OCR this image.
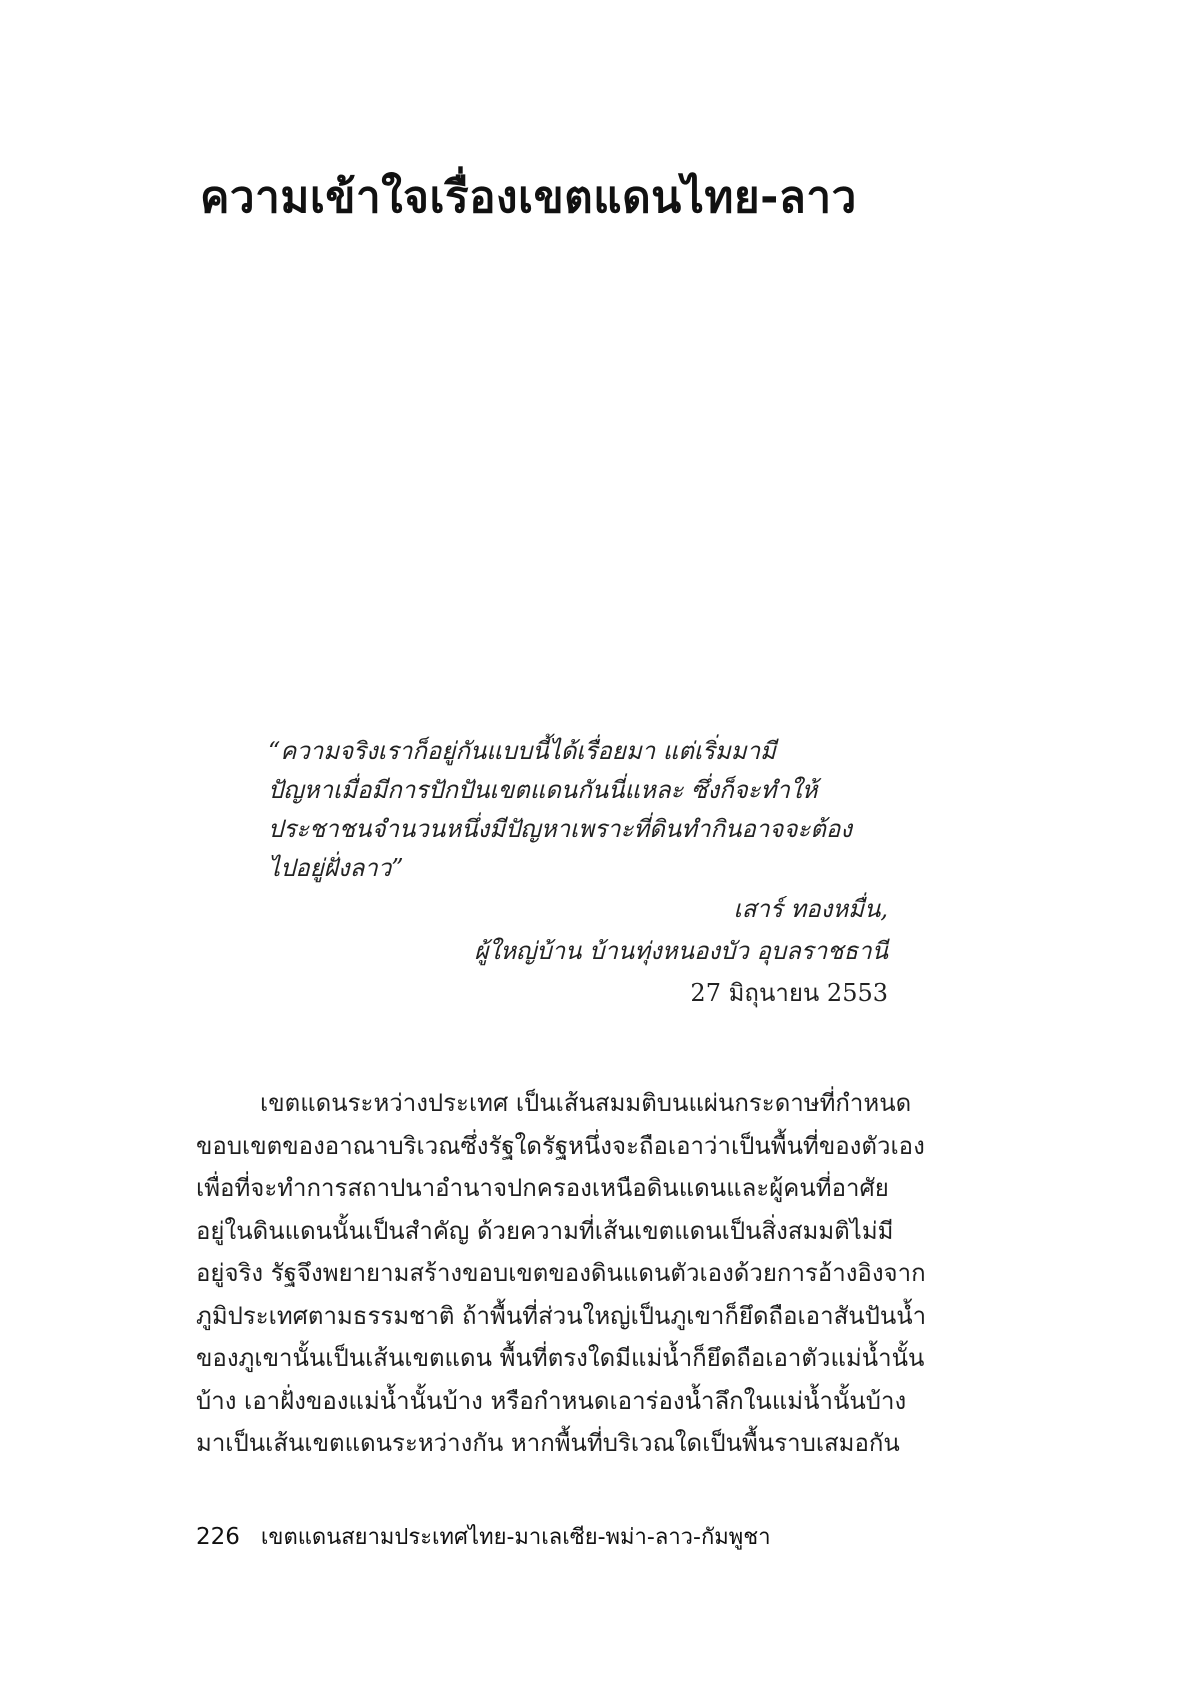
ความเข้าใจเรื่องเขตแดนไทย-ลาว
“ความจริงเราก็อยู่กันแบบนี้ได้เรื่อยมา แต่เริ่มมามี
ปัญหาเมื่อมีการปักปันเขตแดนกันนี่แหละ ซึ่งก็จะทำให้
ประชาชนจำนวนหนึ่งมีปัญหาเพราะที่ดินทำกินอาจจะต้อง
ไปอยู่ฝั่งลาว”
เสาร์ ทองหมื่น,
ผู้ใหญ่บ้าน บ้านทุ่งหนองบัว อุบลราชธานี
27 มิถุนายน 2553
เขตแดนระหว่างประเทศ เป็นเส้นสมมติบนแผ่นกระดาษที่กำหนด
ขอบเขตของอาณาบริเวณซึ่งรัฐใดรัฐหนึ่งจะถือเอาว่าเป็นพื้นที่ของตัวเอง
เพื่อที่จะทำการสถาปนาอำนาจปกครองเหนือดินแดนและผู้คนที่อาศัย
อยู่ในดินแดนนั้นเป็นสำคัญ ด้วยความที่เส้นเขตแดนเป็นสิ่งสมมติไม่มี
อยู่จริง รัฐจึงพยายามสร้างขอบเขตของดินแดนตัวเองด้วยการอ้างอิงจาก
ภูมิประเทศตามธรรมชาติ ถ้าพื้นที่ส่วนใหญ่เป็นภูเขาก็ยึดถือเอาสันปันน้ำ
ของภูเขานั้นเป็นเส้นเขตแดน พื้นที่ตรงใดมีแม่น้ำก็ยึดถือเอาตัวแม่น้ำนั้น
บ้าง เอาฝั่งของแม่น้ำนั้นบ้าง หรือกำหนดเอาร่องน้ำลึกในแม่น้ำนั้นบ้าง
มาเป็นเส้นเขตแดนระหว่างกัน หากพื้นที่บริเวณใดเป็นพื้นราบเสมอกัน
226 เขตแดนสยามประเทศไทย-มาเลเซีย-พม่า-ลาว-กัมพูชา
